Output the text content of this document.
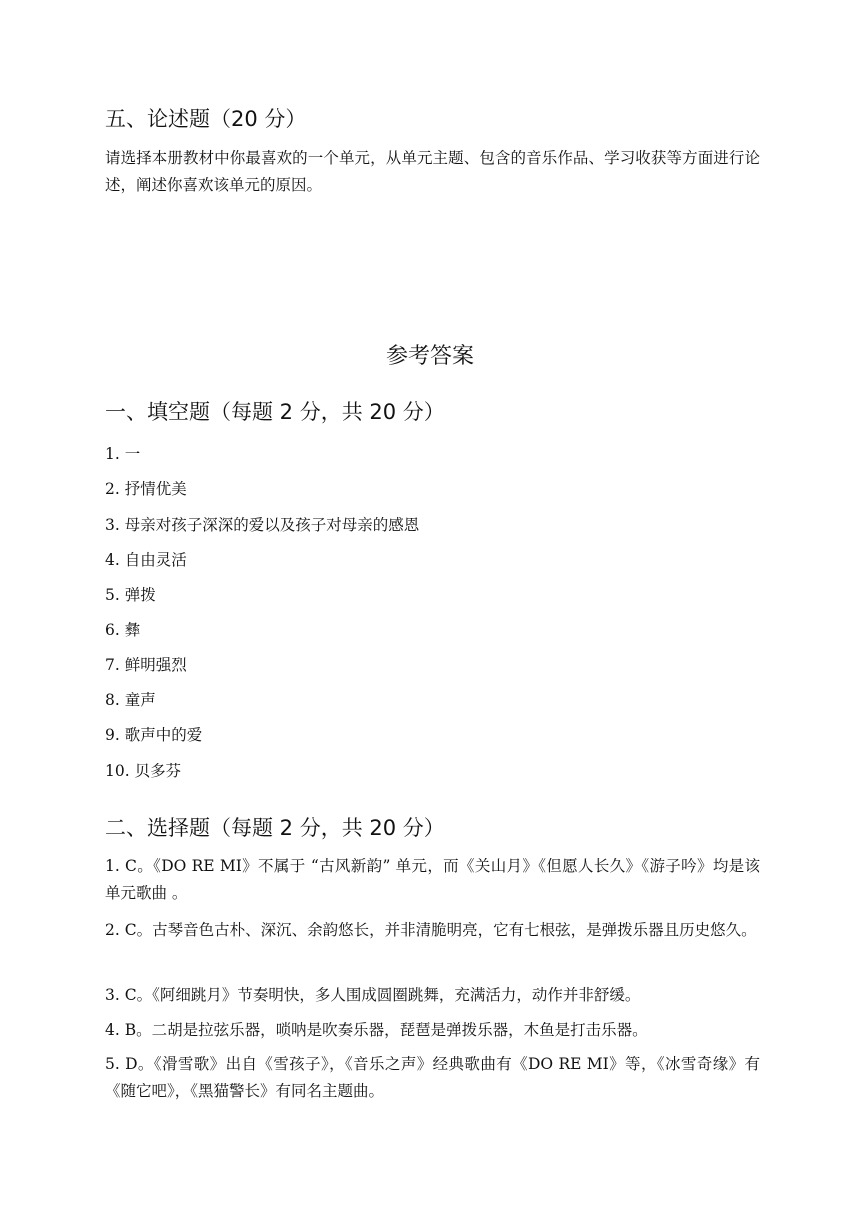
五、论述题（20 分）

请选择本册教材中你最喜欢的一个单元，从单元主题、包含的音乐作品、学习收获等方面进行论述，阐述你喜欢该单元的原因。

参考答案
一、填空题（每题 2 分，共 20 分）

1. 一

2. 抒情优美

3. 母亲对孩子深深的爱以及孩子对母亲的感恩

4. 自由灵活

5. 弹拨

6. 彝

7. 鲜明强烈

8. 童声

9. 歌声中的爱

10. 贝多芬

二、选择题（每题 2 分，共 20 分）

1. C。《DO RE MI》不属于 “古风新韵” 单元，而《关山月》《但愿人长久》《游子吟》均是该单元歌曲 。

2. C。古琴音色古朴、深沉、余韵悠长，并非清脆明亮，它有七根弦，是弹拨乐器且历史悠久。

3. C。《阿细跳月》节奏明快，多人围成圆圈跳舞，充满活力，动作并非舒缓。

4. B。二胡是拉弦乐器，唢呐是吹奏乐器，琵琶是弹拨乐器，木鱼是打击乐器。

5. D。《滑雪歌》出自《雪孩子》，《音乐之声》经典歌曲有《DO RE MI》等，《冰雪奇缘》有《随它吧》，《黑猫警长》有同名主题曲。
